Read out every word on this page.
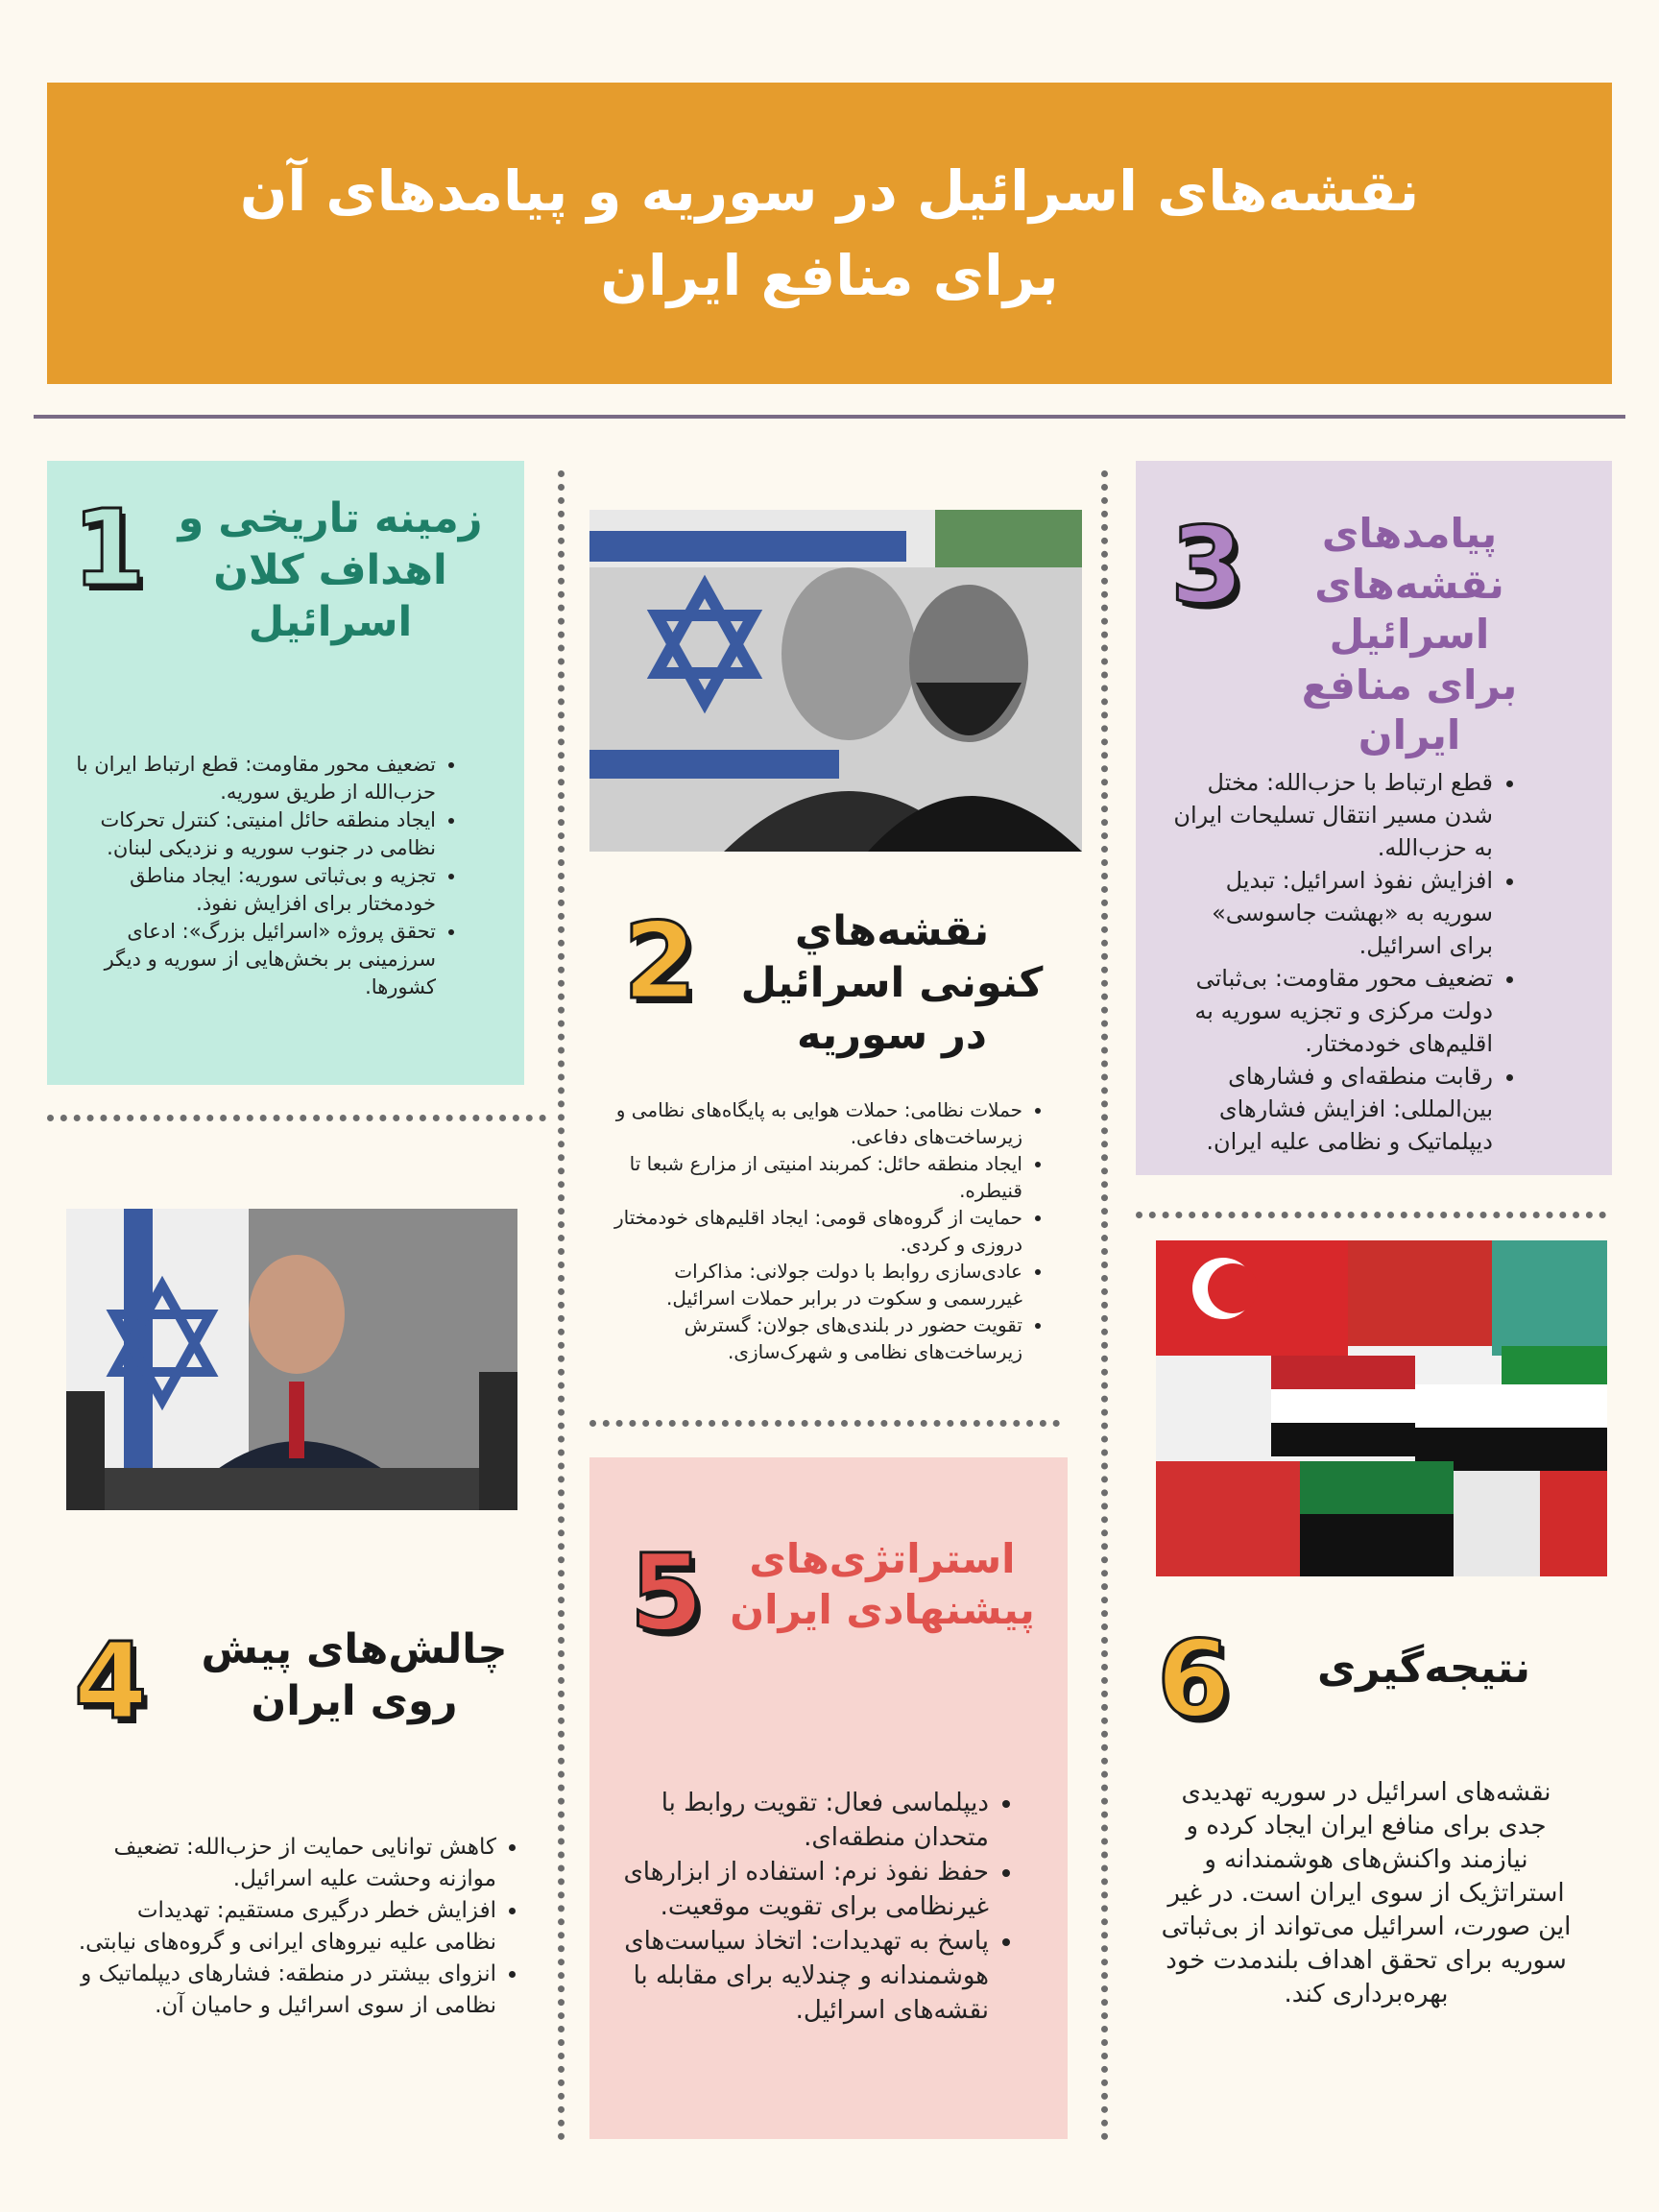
نقشه‌های اسرائیل در سوریه و پیامدهای آن برای منافع ایران
1 زمینه تاریخی و اهداف کلان اسرائیل
• تضعیف محور مقاومت: قطع ارتباط ایران با حزب‌الله از طریق سوریه.
• ایجاد منطقه حائل امنیتی: کنترل تحرکات نظامی در جنوب سوریه و نزدیکی لبنان.
• تجزیه و بی‌ثباتی سوریه: ایجاد مناطق خودمختار برای افزایش نفوذ.
• تحقق پروژه «اسرائیل بزرگ»: ادعای سرزمینی بر بخش‌هایی از سوریه و دیگر کشورها. 2	نقشه‌هاي کنونی اسرائیل در سوریه
• حملات نظامی: حملات هوایی به پایگاه‌های نظامی و زیرساخت‌های دفاعی.
• ایجاد منطقه حائل: کمربند امنیتی از مزارع شبعا تا قنیطره.
• حمایت از گروه‌های قومی: ایجاد اقلیم‌های خودمختار دروزی و کردی.
• عادی‌سازی روابط با دولت جولانی: مذاکرات غیررسمی و سکوت در برابر حملات اسرائیل.
• تقویت حضور در بلندی‌های جولان: گسترش زیرساخت‌های نظامی و شهرک‌سازی.
3	پیامدهای نقشه‌های اسرائیل برای منافع ایران
• قطع ارتباط با حزب‌الله: مختل شدن مسیر انتقال تسلیحات ایران به حزب‌الله.
• افزایش نفوذ اسرائیل: تبدیل سوریه به «بهشت جاسوسی» برای اسرائیل.
• تضعیف محور مقاومت: بی‌ثباتی دولت مرکزی و تجزیه سوریه به اقلیم‌های خودمختار.
• رقابت منطقه‌ای و فشارهای بین‌المللی: افزایش فشارهای دیپلماتیک و نظامی علیه ایران.
4 چالش‌های پیش روی ایران
• کاهش توانایی حمایت از حزب‌الله: تضعیف موازنه وحشت علیه اسرائیل.
• افزایش خطر درگیری مستقیم: تهدیدات نظامی علیه نیروهای ایرانی و گروه‌های نیابتی.
• انزوای بیشتر در منطقه: فشارهای دیپلماتیک و نظامی از سوی اسرائیل و حامیان آن.
5	استراتژی‌های پیشنهادی ایران
• دیپلماسی فعال: تقویت روابط با متحدان منطقه‌ای.
• حفظ نفوذ نرم: استفاده از ابزارهای غیرنظامی برای تقویت موقعیت.
• پاسخ به تهدیدات: اتخاذ سیاست‌های هوشمندانه و چندلایه برای مقابله با نقشه‌های اسرائیل.
6	نتیجه‌گیری
نقشه‌های اسرائیل در سوریه تهدیدی جدی برای منافع ایران ایجاد کرده و نیازمند واکنش‌های هوشمندانه و استراتژیک از سوی ایران است. در غیر این صورت، اسرائیل می‌تواند از بی‌ثباتی سوریه برای تحقق اهداف بلندمدت خود بهره‌برداری کند.
